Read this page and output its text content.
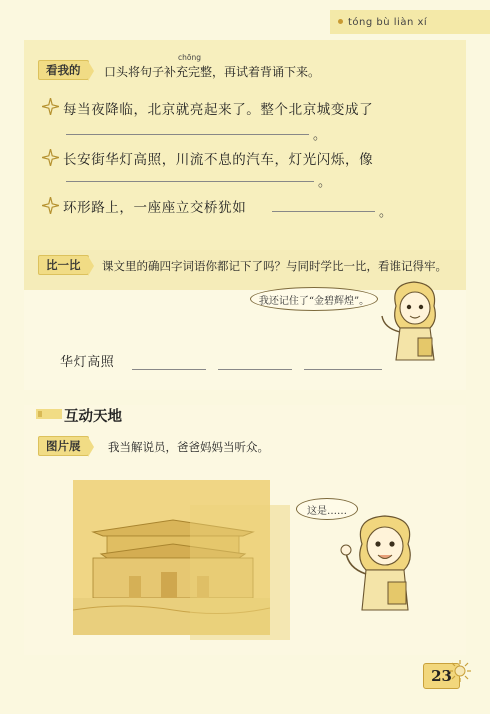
tóng bù liàn xí
看我的
chōng
口头将句子补充完整，再试着背诵下来。
每当夜降临，北京就亮起来了。整个北京城变成了
。
长安街华灯高照，川流不息的汽车，灯光闪烁，像
。
环形路上，一座座立交桥犹如	。
比一比 课文里的确四字词语你都记下了吗？与同时学比一比，看谁记得牢。
我还记住了“金碧辉煌”。
华灯高照
互动天地
图片展 我当解说员，爸爸妈妈当听众。
这是……
23
